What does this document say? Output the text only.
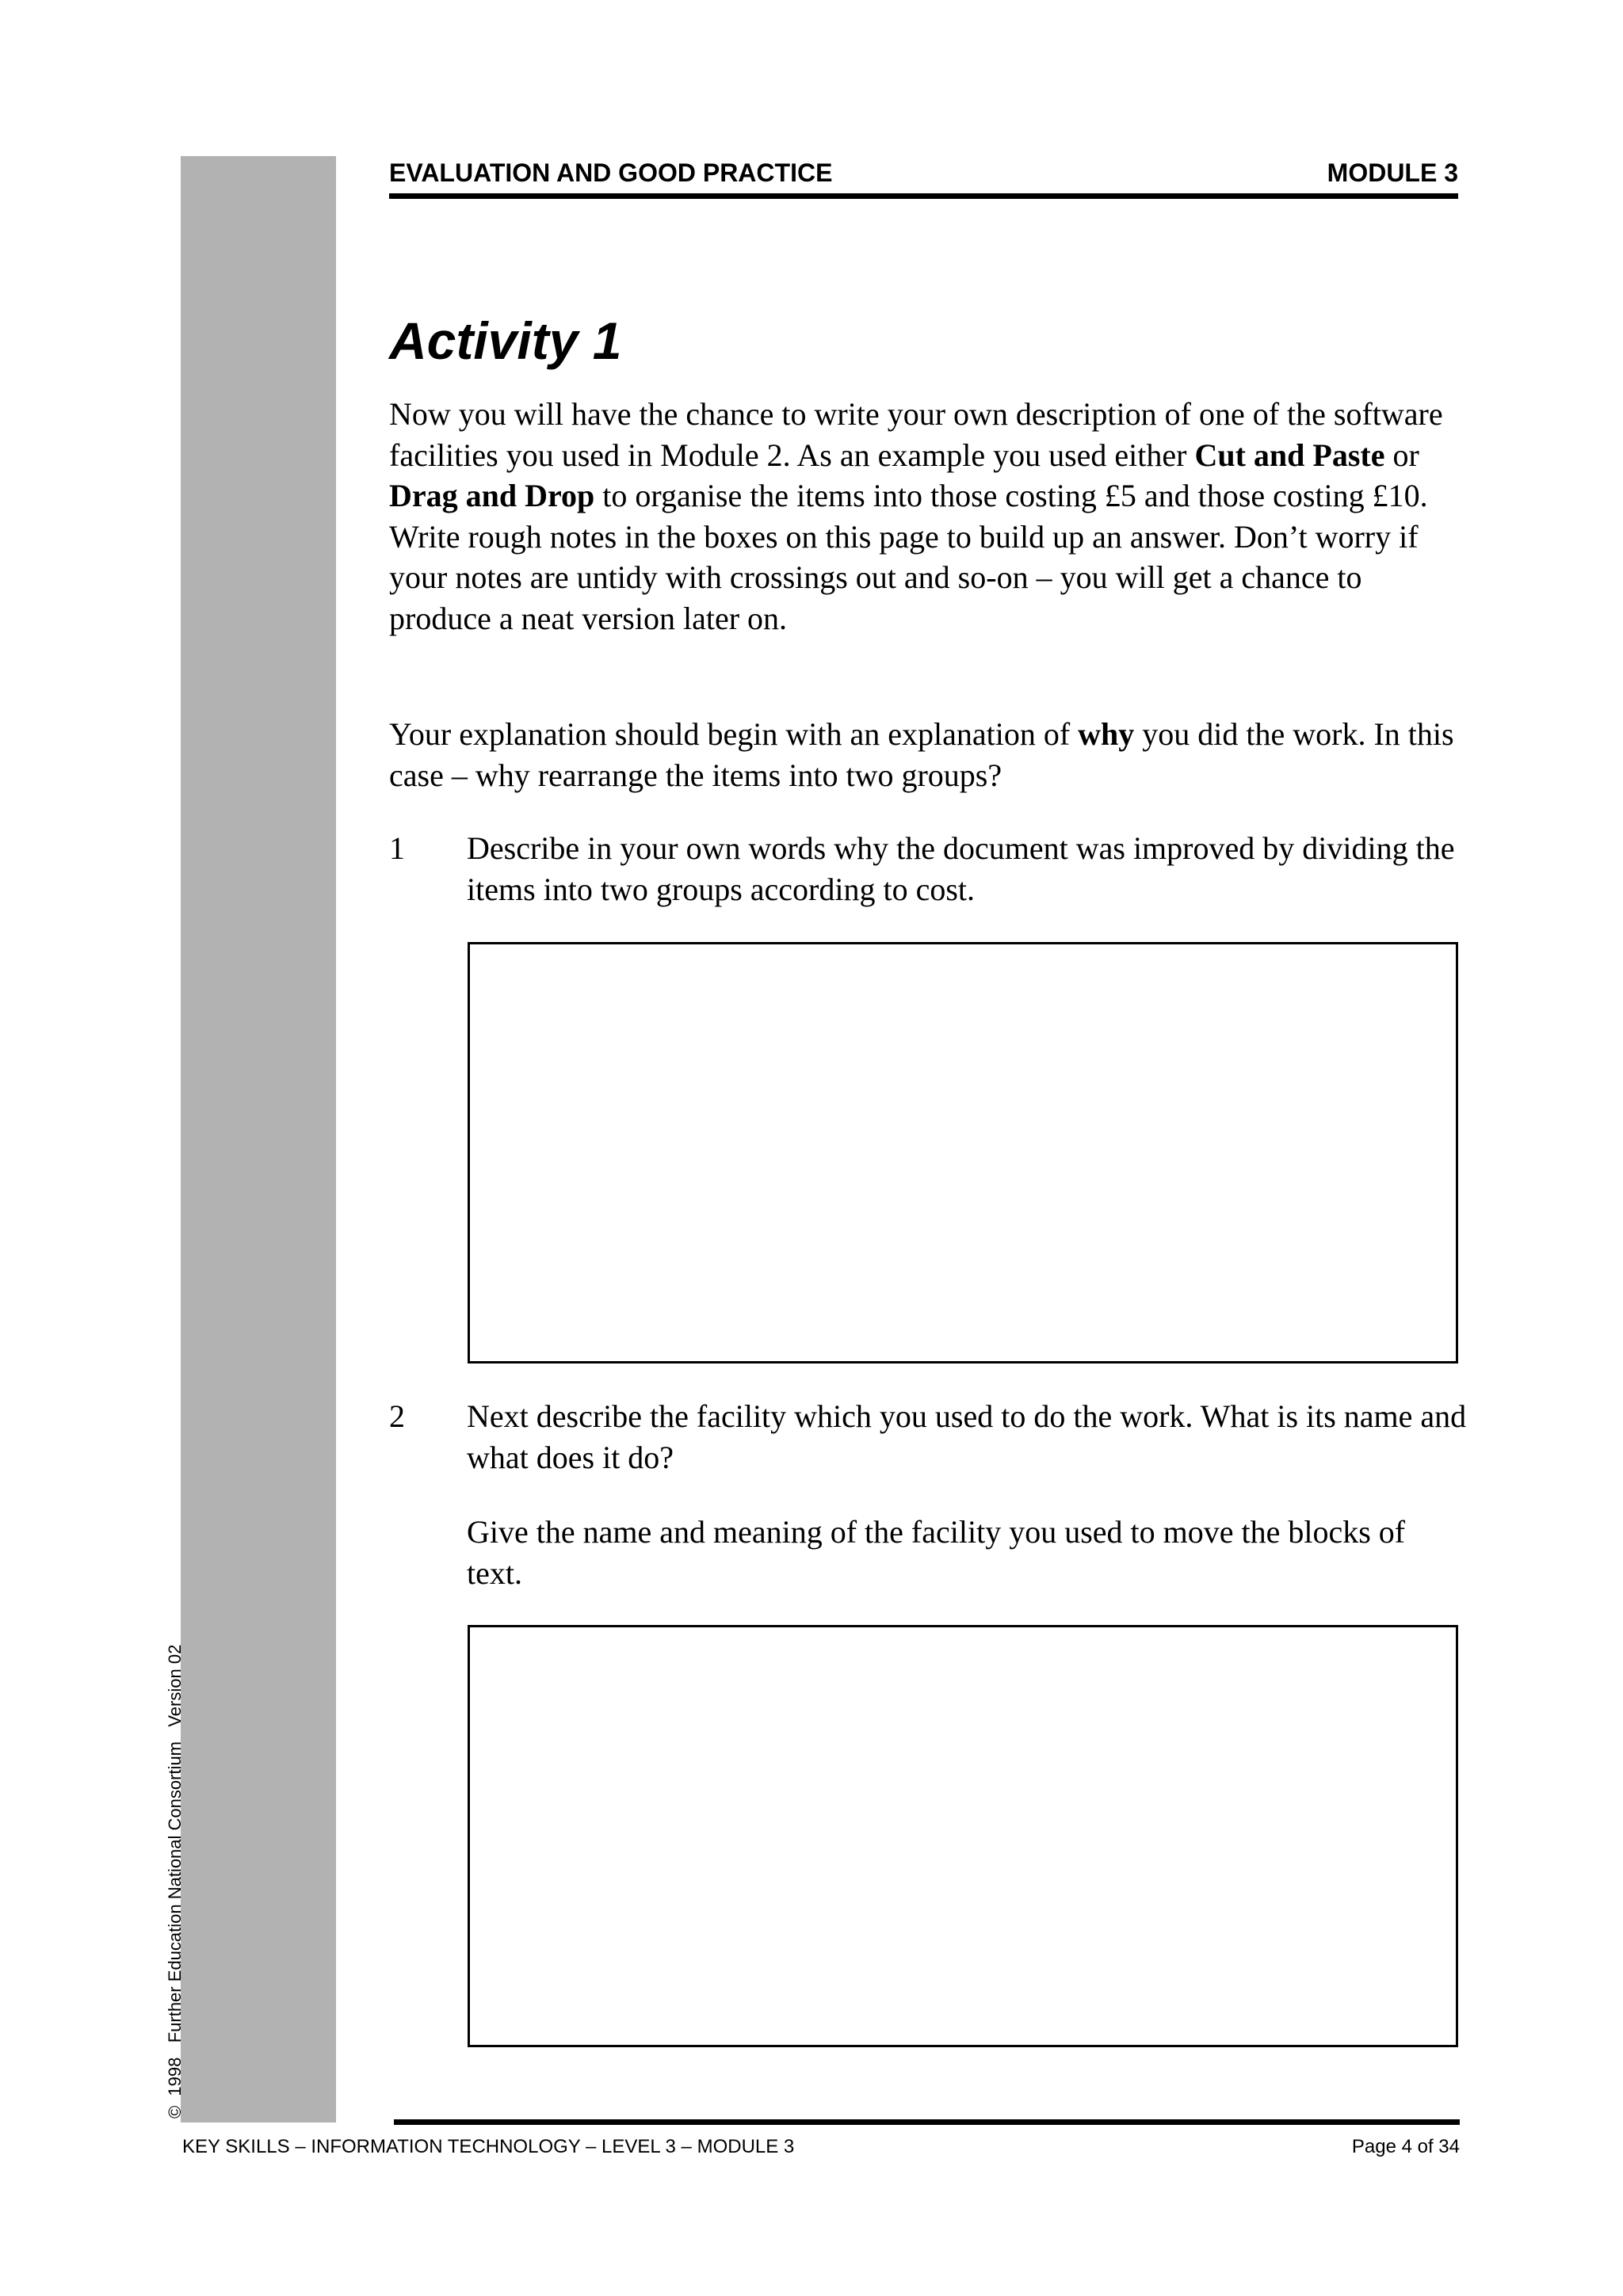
©  1998   Further Education National Consortium   Version 02
EVALUATION AND GOOD PRACTICE	MODULE 3
Activity 1

Now you will have the chance to write your own description of one of the software facilities you used in Module 2. As an example you used either Cut and Paste or Drag and Drop to organise the items into those costing £5 and those costing £10. Write rough notes in the boxes on this page to build up an answer. Don’t worry if your notes are untidy with crossings out and so-on – you will get a chance to produce a neat version later on.

Your explanation should begin with an explanation of why you did the work. In this case – why rearrange the items into two groups?

1 Describe in your own words why the document was improved by dividing the items into two groups according to cost.

2 Next describe the facility which you used to do the work. What is its name and what does it do?

Give the name and meaning of the facility you used to move the blocks of text.

KEY SKILLS – INFORMATION TECHNOLOGY – LEVEL 3 – MODULE 3	Page 4 of 34
